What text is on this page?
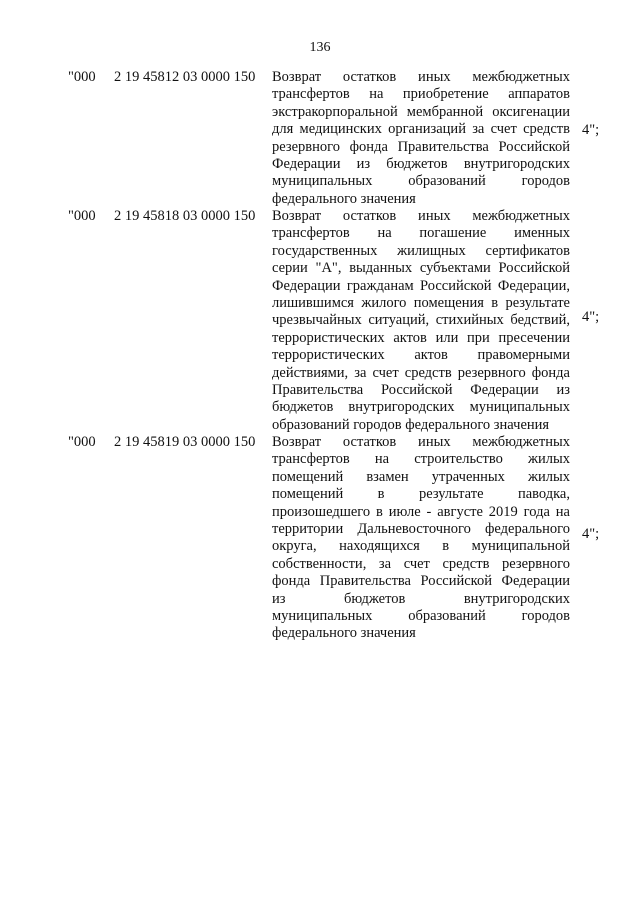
136
"000 2 19 45812 03 0000 150	Возврат остатков иных межбюджетных
трансфертов на приобретение аппаратов
экстракорпоральной мембранной оксигенации
для медицинских организаций за счет средств
резервного фонда Правительства Российской
Федерации из бюджетов внутригородских
муниципальных образований городов
федерального значения
4";
"000 2 19 45818 03 0000 150	Возврат остатков иных межбюджетных
трансфертов на погашение именных
государственных жилищных сертификатов
серии "А", выданных субъектами Российской
Федерации гражданам Российской Федерации,
лишившимся жилого помещения в результате
чрезвычайных ситуаций, стихийных бедствий,
террористических актов или при пресечении
террористических актов правомерными
действиями, за счет средств резервного фонда
Правительства Российской Федерации из
бюджетов внутригородских муниципальных
образований городов федерального значения
4";
"000 2 19 45819 03 0000 150	Возврат остатков иных межбюджетных
трансфертов на строительство жилых
помещений взамен утраченных жилых
помещений в результате паводка,
произошедшего в июле - августе 2019 года на
территории Дальневосточного федерального
округа, находящихся в муниципальной
собственности, за счет средств резервного
фонда Правительства Российской Федерации
из бюджетов внутригородских
муниципальных образований городов
федерального значения
4";
